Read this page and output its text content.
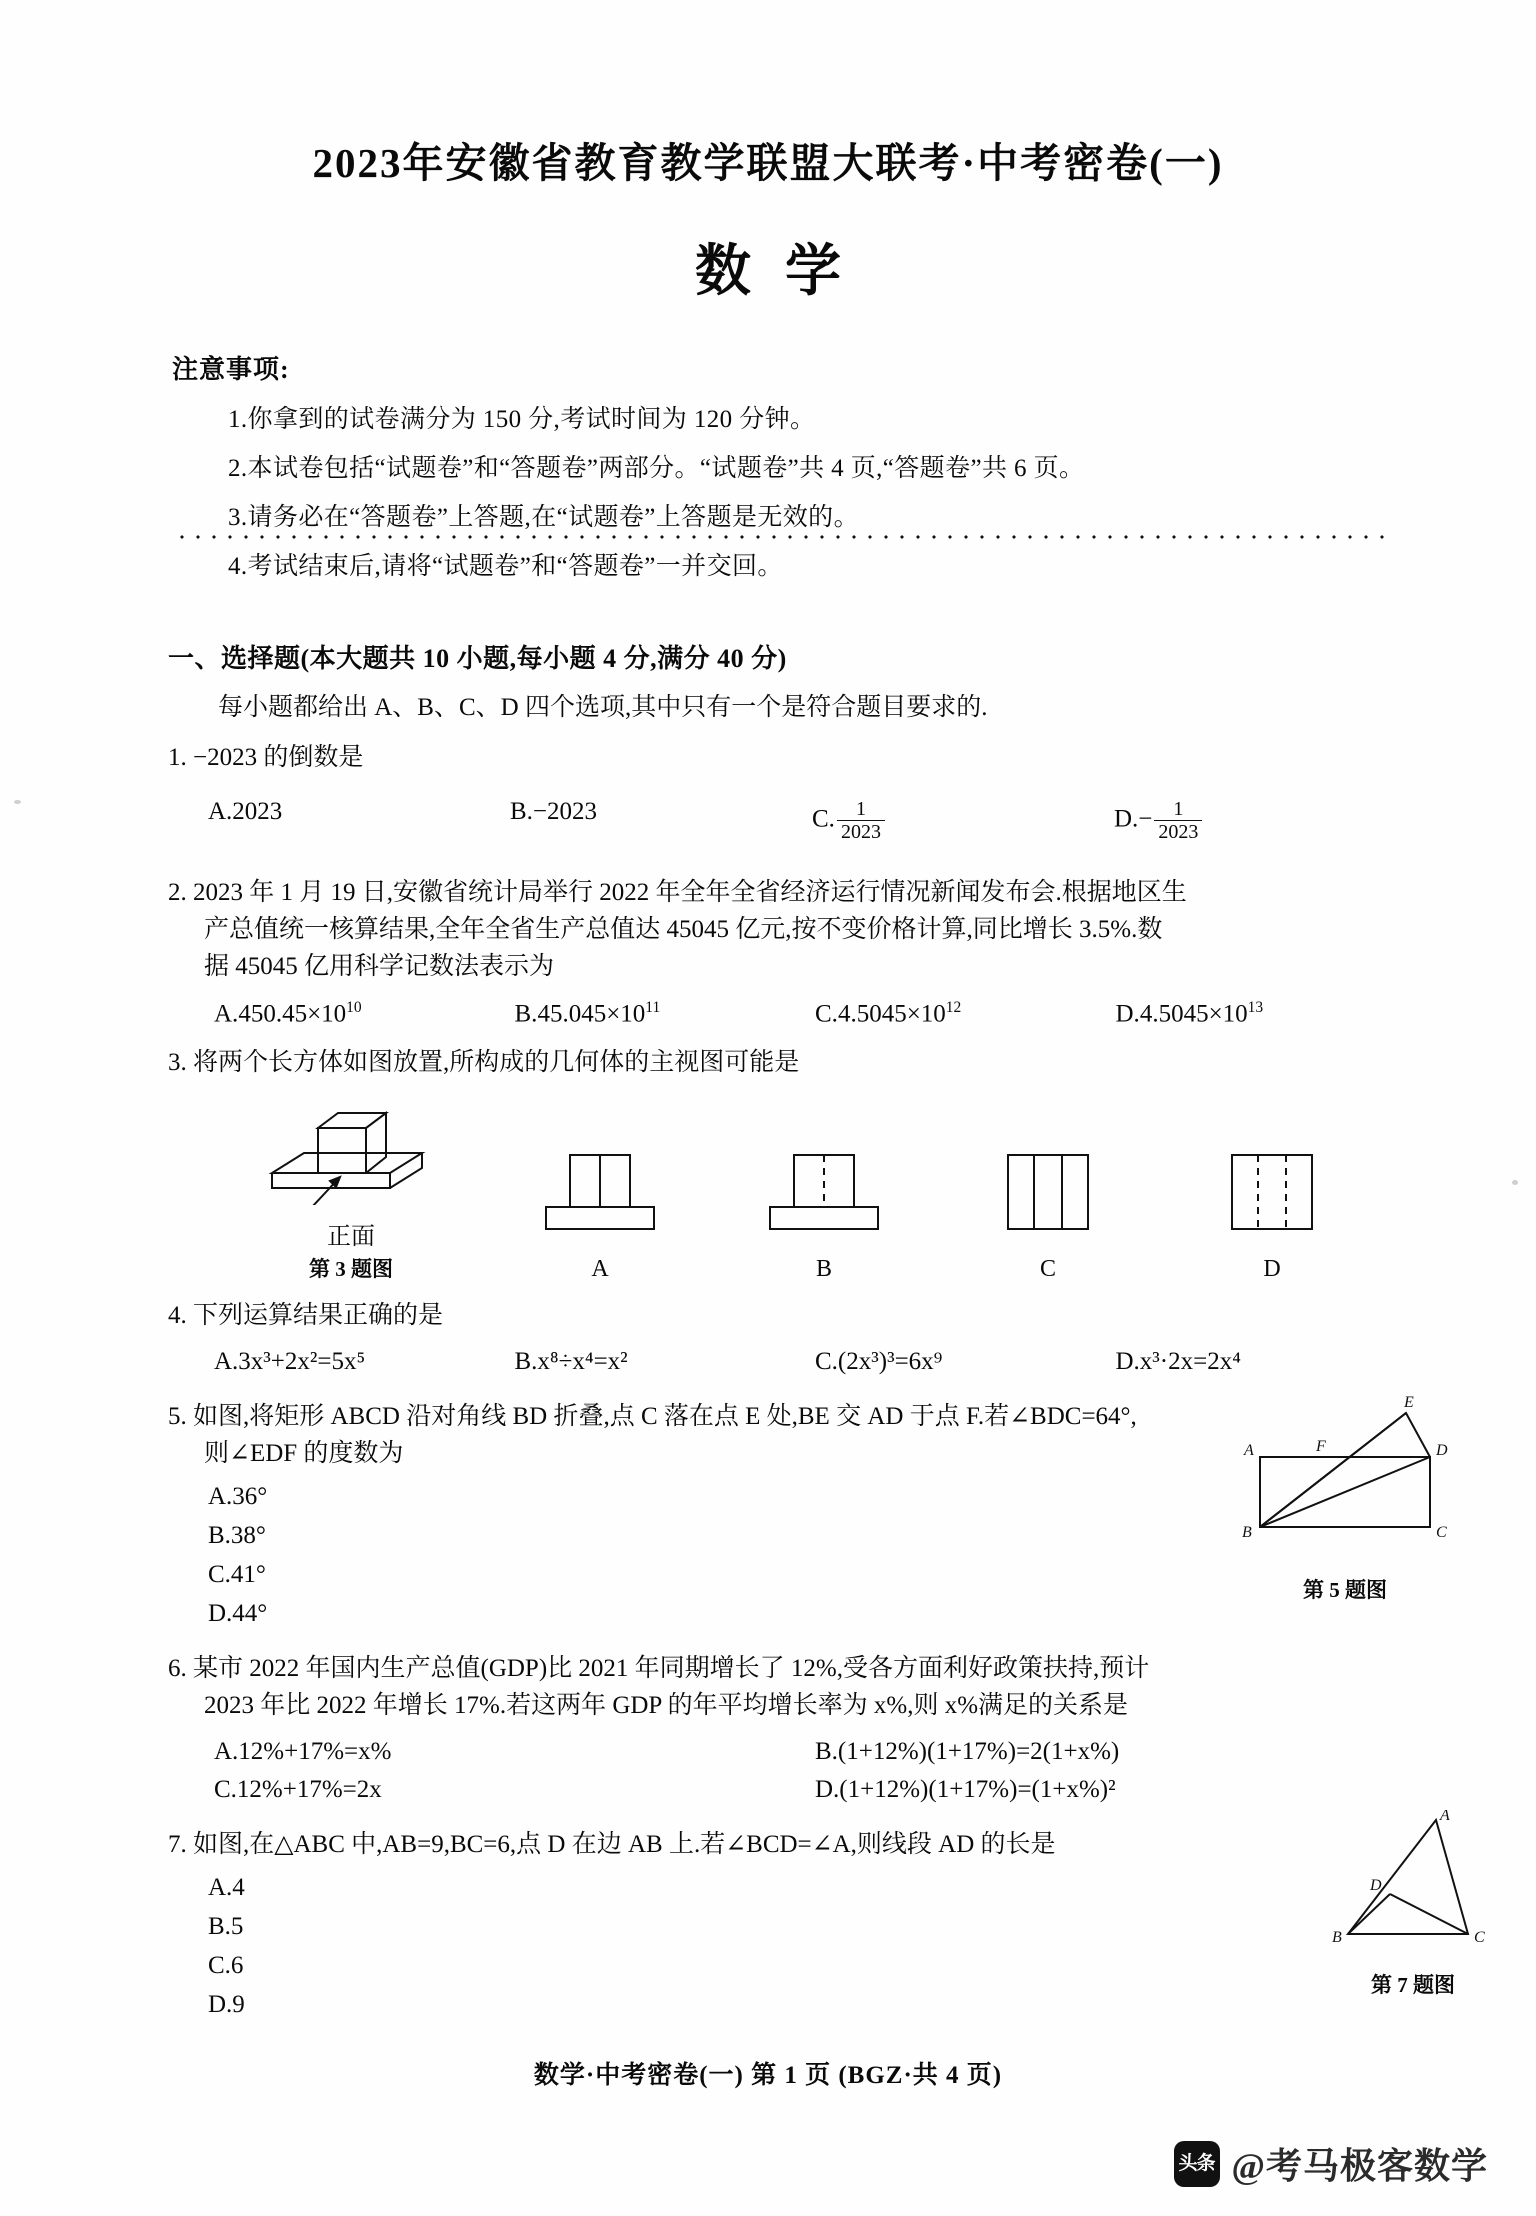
2023年安徽省教育教学联盟大联考·中考密卷(一)
数学
注意事项:
1.你拿到的试卷满分为 150 分,考试时间为 120 分钟。
2.本试卷包括“试题卷”和“答题卷”两部分。“试题卷”共 4 页,“答题卷”共 6 页。
3.请务必在“答题卷”上答题,在“试题卷”上答题是无效的。
4.考试结束后,请将“试题卷”和“答题卷”一并交回。
一、选择题(本大题共 10 小题,每小题 4 分,满分 40 分)
每小题都给出 A、B、C、D 四个选项,其中只有一个是符合题目要求的.
1. −2023 的倒数是
A.2023	B.−2023	C. $\frac{1}{2023}$	$D.- \frac{1}{2023}$
2. 2023 年 1 月 19 日,安徽省统计局举行 2022 年全年全省经济运行情况新闻发布会.根据地区生
产总值统一核算结果,全年全省生产总值达 45045 亿元,按不变价格计算,同比增长 3.5%.数
据 45045 亿用科学记数法表示为
$A.450.45\times 10^{10}$	$B.45.045\times 10^{11}$	$C.4.5045\times 10^{12}$	$D.4.5045\times 10^{13}$
3. 将两个长方体如图放置,所构成的几何体的主视图可能是
正面
第 3 题图	A	B	C	D
4. 下列运算结果正确的是
A.3x³+2x²=5x⁵	B.x⁸÷x⁴=x²	C.(2x³)³=6x⁹	D.x³·2x=2x⁴
5. 如图,将矩形 ABCD 沿对角线 BD 折叠,点 C 落在点 E 处,BE 交 AD 于点 F.若∠BDC=64°,
则∠EDF 的度数为
A.36°
B.38°
C.41°
D.44°
E
A	F	D
B	C
第 5 题图
6. 某市 2022 年国内生产总值(GDP)比 2021 年同期增长了 12%,受各方面利好政策扶持,预计
2023 年比 2022 年增长 17%.若这两年 GDP 的年平均增长率为 x%,则 x%满足的关系是
A.12%+17%=x%	B.(1+12%)(1+17%)=2(1+x%)
C.12%+17%=2x	D.(1+12%)(1+17%)=(1+x%)²
7. 如图,在△ABC 中,AB=9,BC=6,点 D 在边 AB 上.若∠BCD=∠A,则线段 AD 的长是
A.4
B.5
C.6
D.9
A
D
B	C
第 7 题图
数学·中考密卷(一) 第 1 页 (BGZ·共 4 页)
头条 @考马极客数学
